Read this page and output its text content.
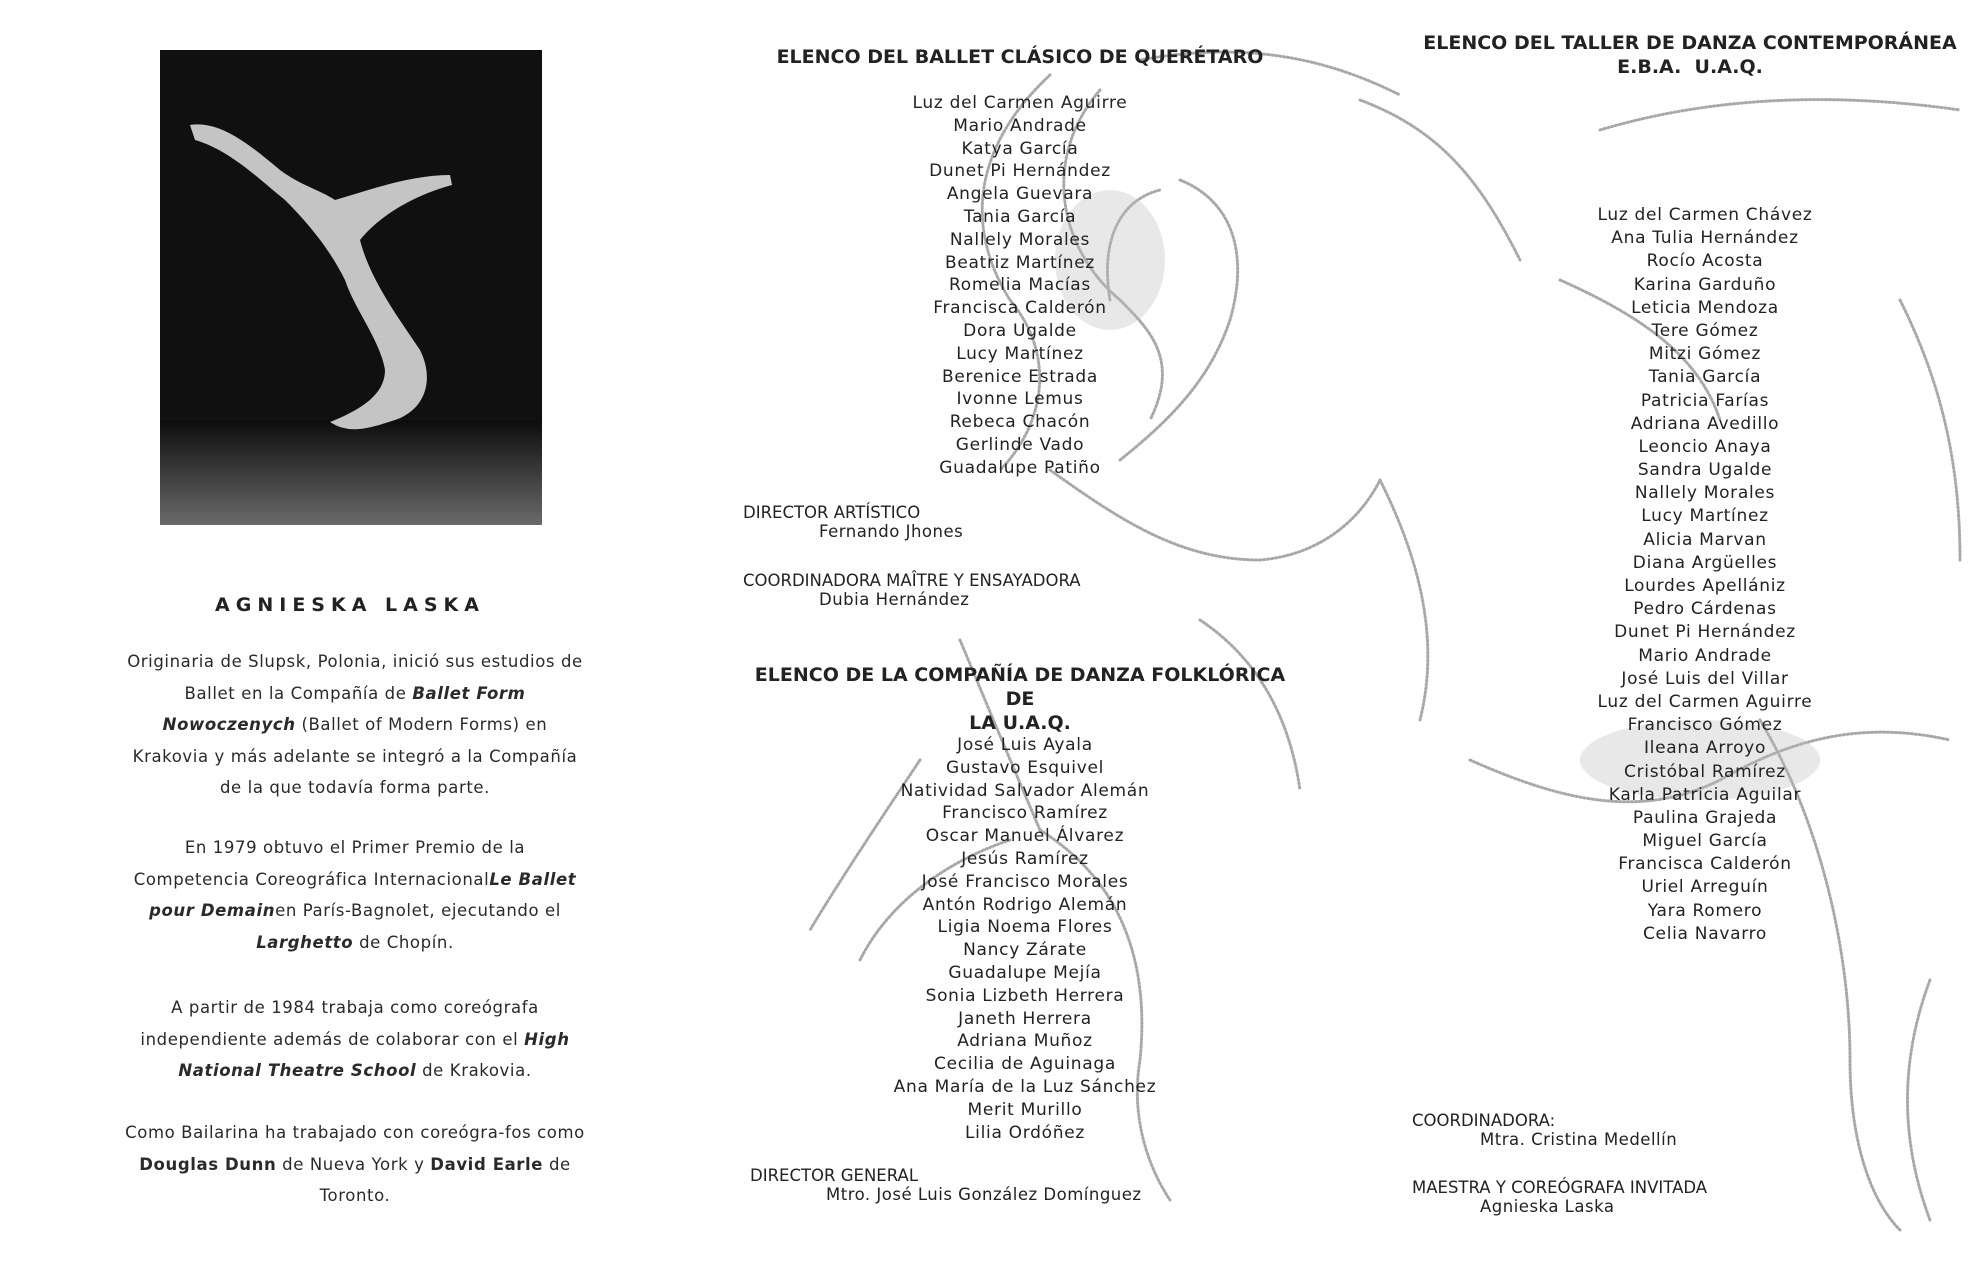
AGNIESKA LASKA

Originaria de Slupsk, Polonia, inició sus estudios de Ballet en la Compañía de Ballet Form Nowoczenych (Ballet of Modern Forms) en Krakovia y más adelante se integró a la Compañía de la que todavía forma parte.

En 1979 obtuvo el Primer Premio de la Competencia Coreográfica InternacionalLe Ballet pour Demainen París-Bagnolet, ejecutando el Larghetto de Chopín.

A partir de 1984 trabaja como coreógrafa independiente además de colaborar con el High National Theatre School de Krakovia.

Como Bailarina ha trabajado con coreógra-fos como Douglas Dunn de Nueva York y David Earle de Toronto.

ELENCO DEL BALLET CLÁSICO DE QUERÉTARO
Luz del Carmen Aguirre
Mario Andrade
Katya García
Dunet Pi Hernández
Angela Guevara
Tania García
Nallely Morales
Beatriz Martínez
Romelia Macías
Francisca Calderón
Dora Ugalde
Lucy Martínez
Berenice Estrada
Ivonne Lemus
Rebeca Chacón
Gerlinde Vado
Guadalupe Patiño
DIRECTOR ARTÍSTICO
Fernando Jhones
COORDINADORA MAÎTRE Y ENSAYADORA
Dubia Hernández
ELENCO DE LA COMPAÑÍA DE DANZA FOLKLÓRICA DE
LA U.A.Q.
José Luis Ayala
Gustavo Esquivel
Natividad Salvador Alemán
Francisco Ramírez
Oscar Manuel Álvarez
Jesús Ramírez
José Francisco Morales
Antón Rodrigo Alemán
Ligia Noema Flores
Nancy Zárate
Guadalupe Mejía
Sonia Lizbeth Herrera
Janeth Herrera
Adriana Muñoz
Cecilia de Aguinaga
Ana María de la Luz Sánchez
Merit Murillo
Lilia Ordóñez
DIRECTOR GENERAL
Mtro. José Luis González Domínguez
ELENCO DEL TALLER DE DANZA CONTEMPORÁNEA
E.B.A.  U.A.Q.
Luz del Carmen Chávez
Ana Tulia Hernández
Rocío Acosta
Karina Garduño
Leticia Mendoza
Tere Gómez
Mitzi Gómez
Tania García
Patricia Farías
Adriana Avedillo
Leoncio Anaya
Sandra Ugalde
Nallely Morales
Lucy Martínez
Alicia Marvan
Diana Argüelles
Lourdes Apellániz
Pedro Cárdenas
Dunet Pi Hernández
Mario Andrade
José Luis del Villar
Luz del Carmen Aguirre
Francisco Gómez
Ileana Arroyo
Cristóbal Ramírez
Karla Patricia Aguilar
Paulina Grajeda
Miguel García
Francisca Calderón
Uriel Arreguín
Yara Romero
Celia Navarro
COORDINADORA:
Mtra. Cristina Medellín
MAESTRA Y COREÓGRAFA INVITADA
Agnieska Laska
